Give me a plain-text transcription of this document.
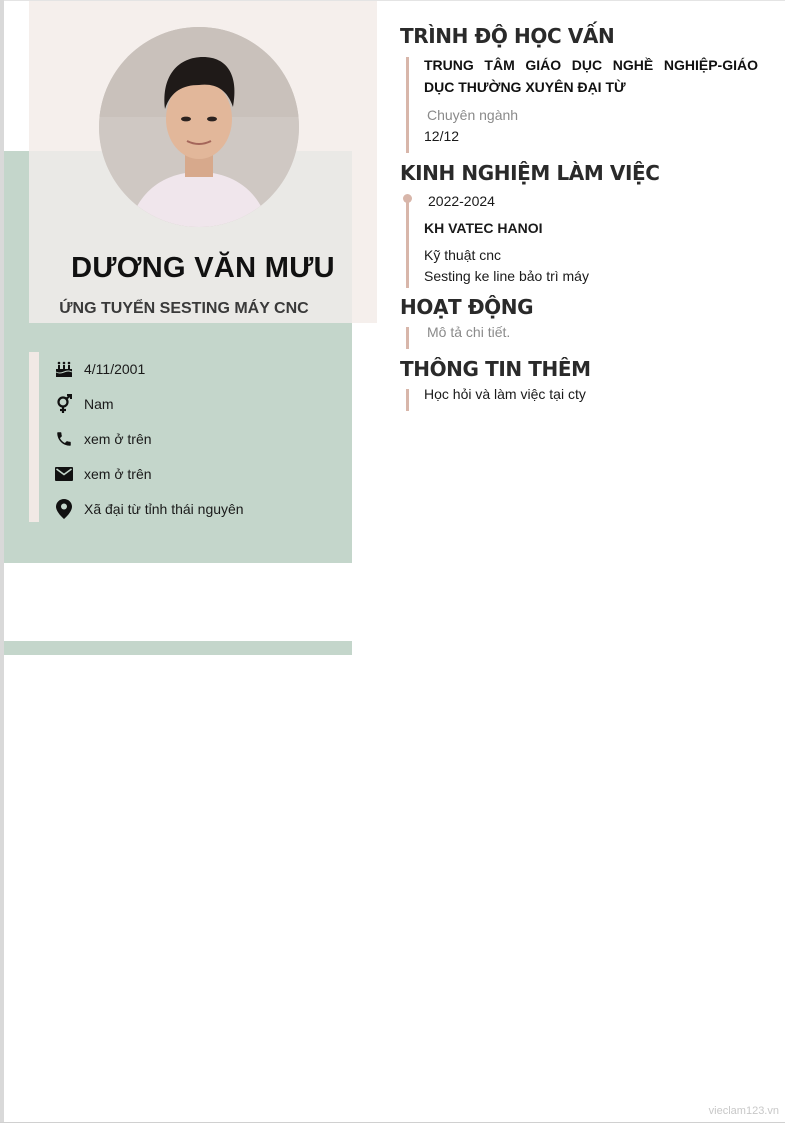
DƯƠNG VĂN MƯU
ỨNG TUYỂN SESTING MÁY CNC
4/11/2001
Nam
xem ở trên
xem ở trên
Xã đại từ tỉnh thái nguyên
TRÌNH ĐỘ HỌC VẤN
TRUNG TÂM GIÁO DỤC NGHỀ NGHIỆP-GIÁO DỤC THƯỜNG XUYÊN ĐẠI TỪ
Chuyên ngành
12/12
KINH NGHIỆM LÀM VIỆC
2022-2024
KH VATEC HANOI
Kỹ thuật cnc
Sesting ke line bảo trì máy
HOẠT ĐỘNG
Mô tả chi tiết.
THÔNG TIN THÊM
Học hỏi và làm việc tại cty
vieclam123.vn
